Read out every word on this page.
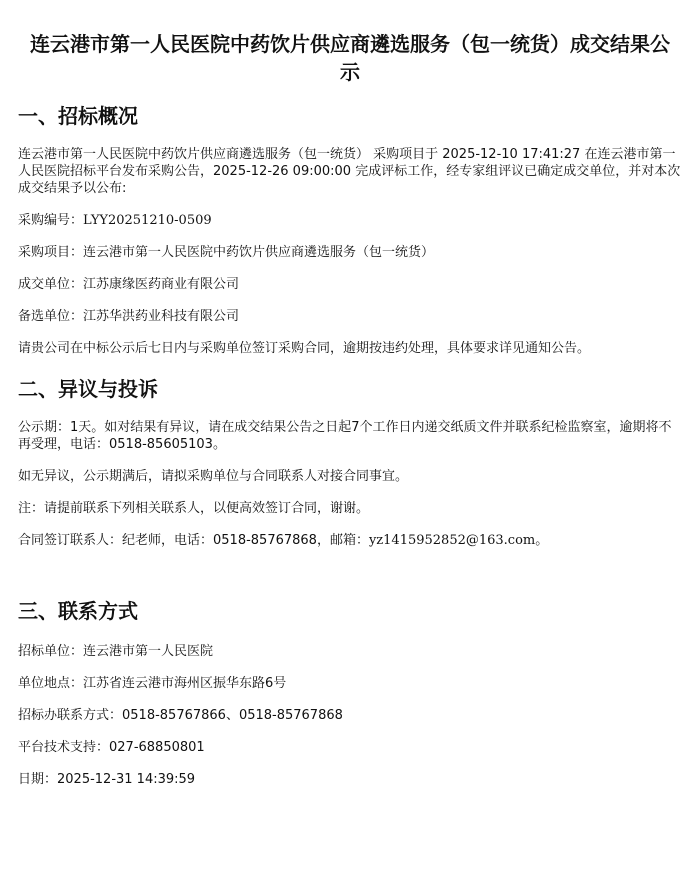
连云港市第一人民医院中药饮片供应商遴选服务（包一统货）成交结果公示
一、招标概况

连云港市第一人民医院中药饮片供应商遴选服务（包一统货） 采购项目于 2025-12-10 17:41:27 在连云港市第一人民医院招标平台发布采购公告，2025-12-26 09:00:00 完成评标工作，经专家组评议已确定成交单位，并对本次成交结果予以公布:

采购编号：LYY20251210-0509

采购项目：连云港市第一人民医院中药饮片供应商遴选服务（包一统货）

成交单位：江苏康缘医药商业有限公司

备选单位：江苏华洪药业科技有限公司

请贵公司在中标公示后七日内与采购单位签订采购合同，逾期按违约处理，具体要求详见通知公告。

二、异议与投诉

公示期：1天。如对结果有异议，请在成交结果公告之日起7个工作日内递交纸质文件并联系纪检监察室，逾期将不再受理，电话：0518-85605103。

如无异议，公示期满后，请拟采购单位与合同联系人对接合同事宜。

注：请提前联系下列相关联系人，以便高效签订合同，谢谢。

合同签订联系人：纪老师，电话：0518-85767868，邮箱：yz1415952852@163.com。

三、联系方式

招标单位：连云港市第一人民医院

单位地点：江苏省连云港市海州区振华东路6号

招标办联系方式：0518-85767866、0518-85767868

平台技术支持：027-68850801

日期：2025-12-31 14:39:59
